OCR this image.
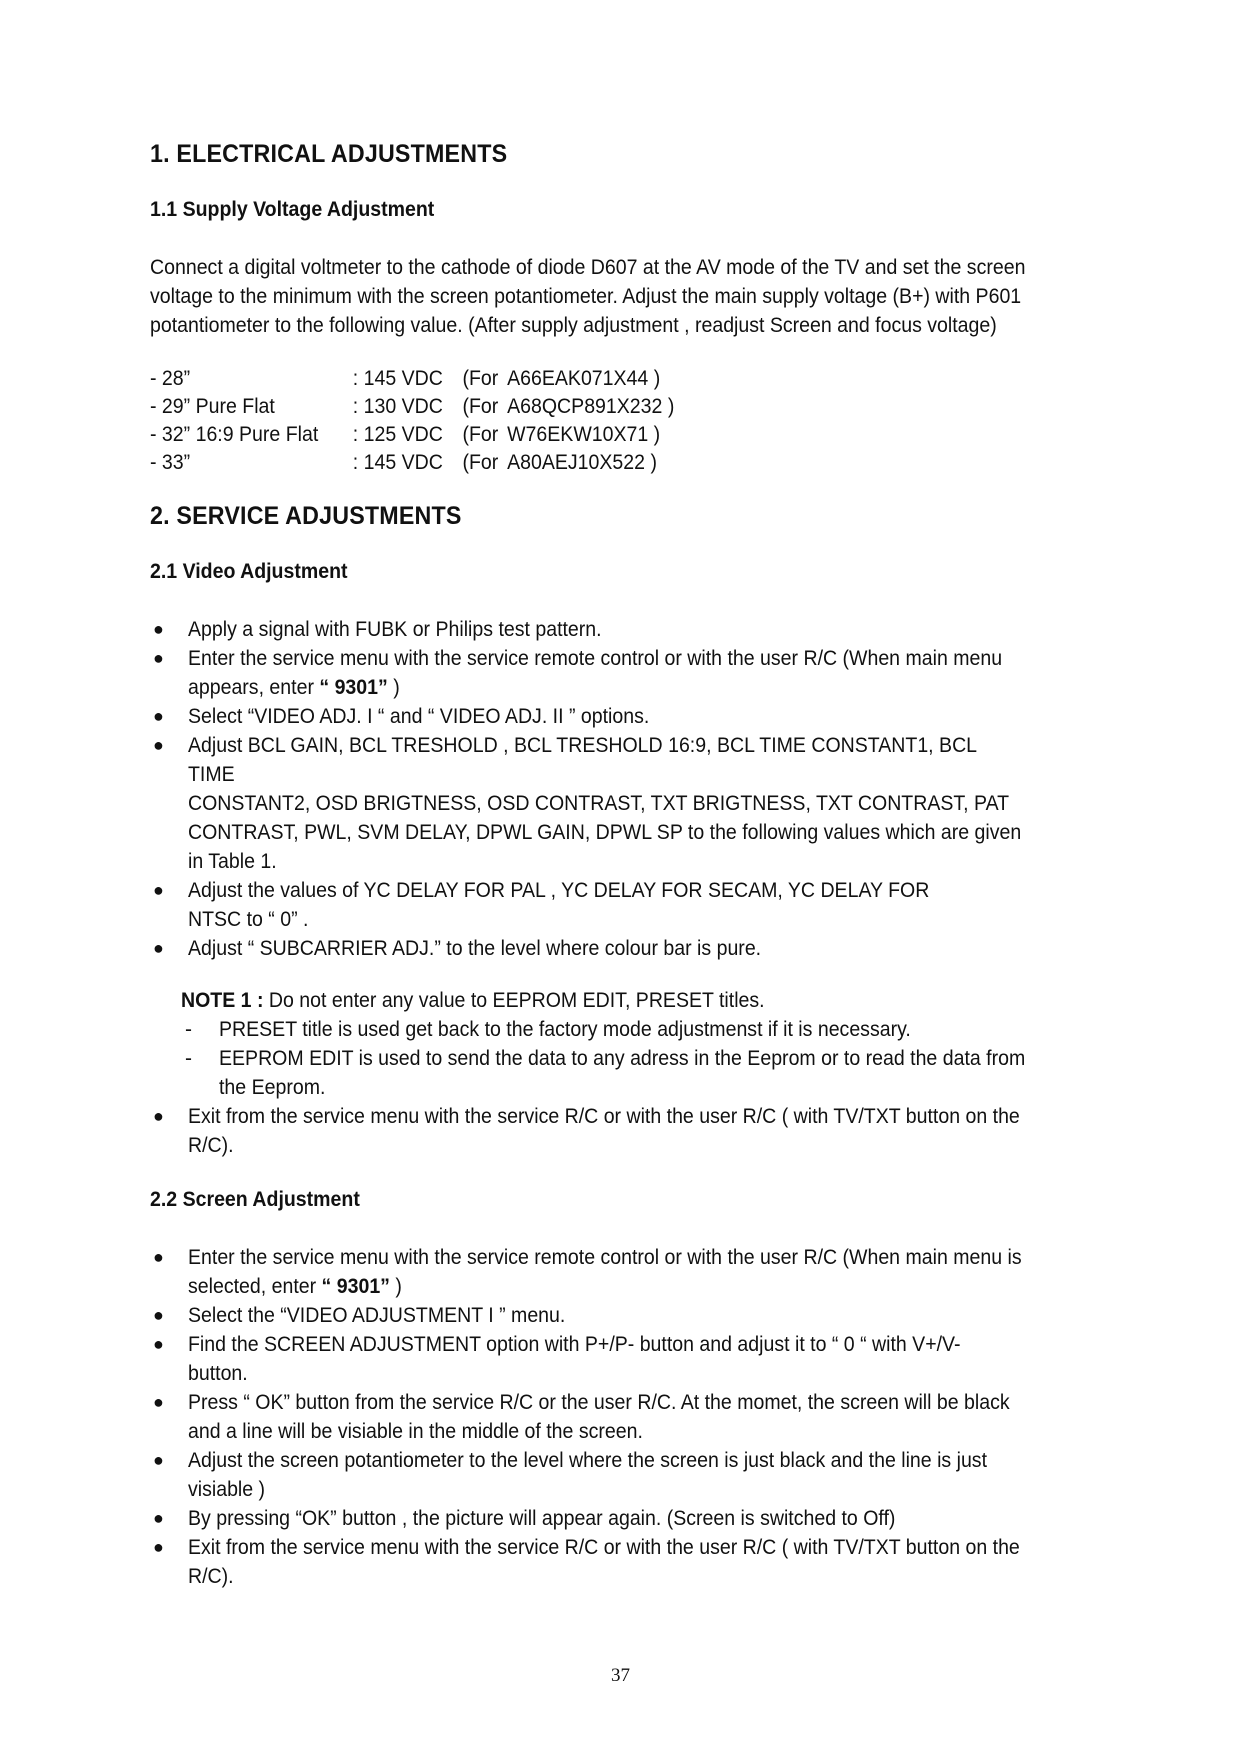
1. ELECTRICAL ADJUSTMENTS
1.1 Supply Voltage Adjustment
Connect a digital voltmeter to the cathode of diode D607 at the AV mode of the TV and set the screen
voltage to the minimum with the screen potantiometer. Adjust the main supply voltage (B+) with P601
potantiometer to the following value. (After supply adjustment , readjust Screen and focus voltage)
- 28”	: 145 VDC (For A66EAK071X44 )
- 29” Pure Flat	: 130 VDC (For A68QCP891X232 )
- 32” 16:9 Pure Flat	: 125 VDC (For W76EKW10X71 )
- 33”	: 145 VDC (For A80AEJ10X522 )
2. SERVICE ADJUSTMENTS
2.1 Video Adjustment
● Apply a signal with FUBK or Philips test pattern.
● Enter the service menu with the service remote control or with the user R/C (When main menu
appears, enter “ 9301” )
● Select “VIDEO ADJ. I “ and “ VIDEO ADJ. II ” options.
● Adjust BCL GAIN, BCL TRESHOLD , BCL TRESHOLD 16:9, BCL TIME CONSTANT1, BCL TIME
CONSTANT2, OSD BRIGTNESS, OSD CONTRAST, TXT BRIGTNESS, TXT CONTRAST, PAT
CONTRAST, PWL, SVM DELAY, DPWL GAIN, DPWL SP to the following values which are given
in Table 1.
● Adjust the values of YC DELAY FOR PAL , YC DELAY FOR SECAM, YC DELAY FOR
NTSC to “ 0” .
● Adjust “ SUBCARRIER ADJ.” to the level where colour bar is pure.
NOTE 1 : Do not enter any value to EEPROM EDIT, PRESET titles.
- PRESET title is used get back to the factory mode adjustmenst if it is necessary.
- EEPROM EDIT is used to send the data to any adress in the Eeprom or to read the data from
the Eeprom.
● Exit from the service menu with the service R/C or with the user R/C ( with TV/TXT button on the
R/C).
2.2 Screen Adjustment
● Enter the service menu with the service remote control or with the user R/C (When main menu is
selected, enter “ 9301” )
● Select the “VIDEO ADJUSTMENT I ” menu.
● Find the SCREEN ADJUSTMENT option with P+/P- button and adjust it to “ 0 “ with V+/V- button.
● Press “ OK” button from the service R/C or the user R/C. At the momet, the screen will be black
and a line will be visiable in the middle of the screen.
● Adjust the screen potantiometer to the level where the screen is just black and the line is just
visiable )
● By pressing “OK” button , the picture will appear again. (Screen is switched to Off)
● Exit from the service menu with the service R/C or with the user R/C ( with TV/TXT button on the
R/C).
37
